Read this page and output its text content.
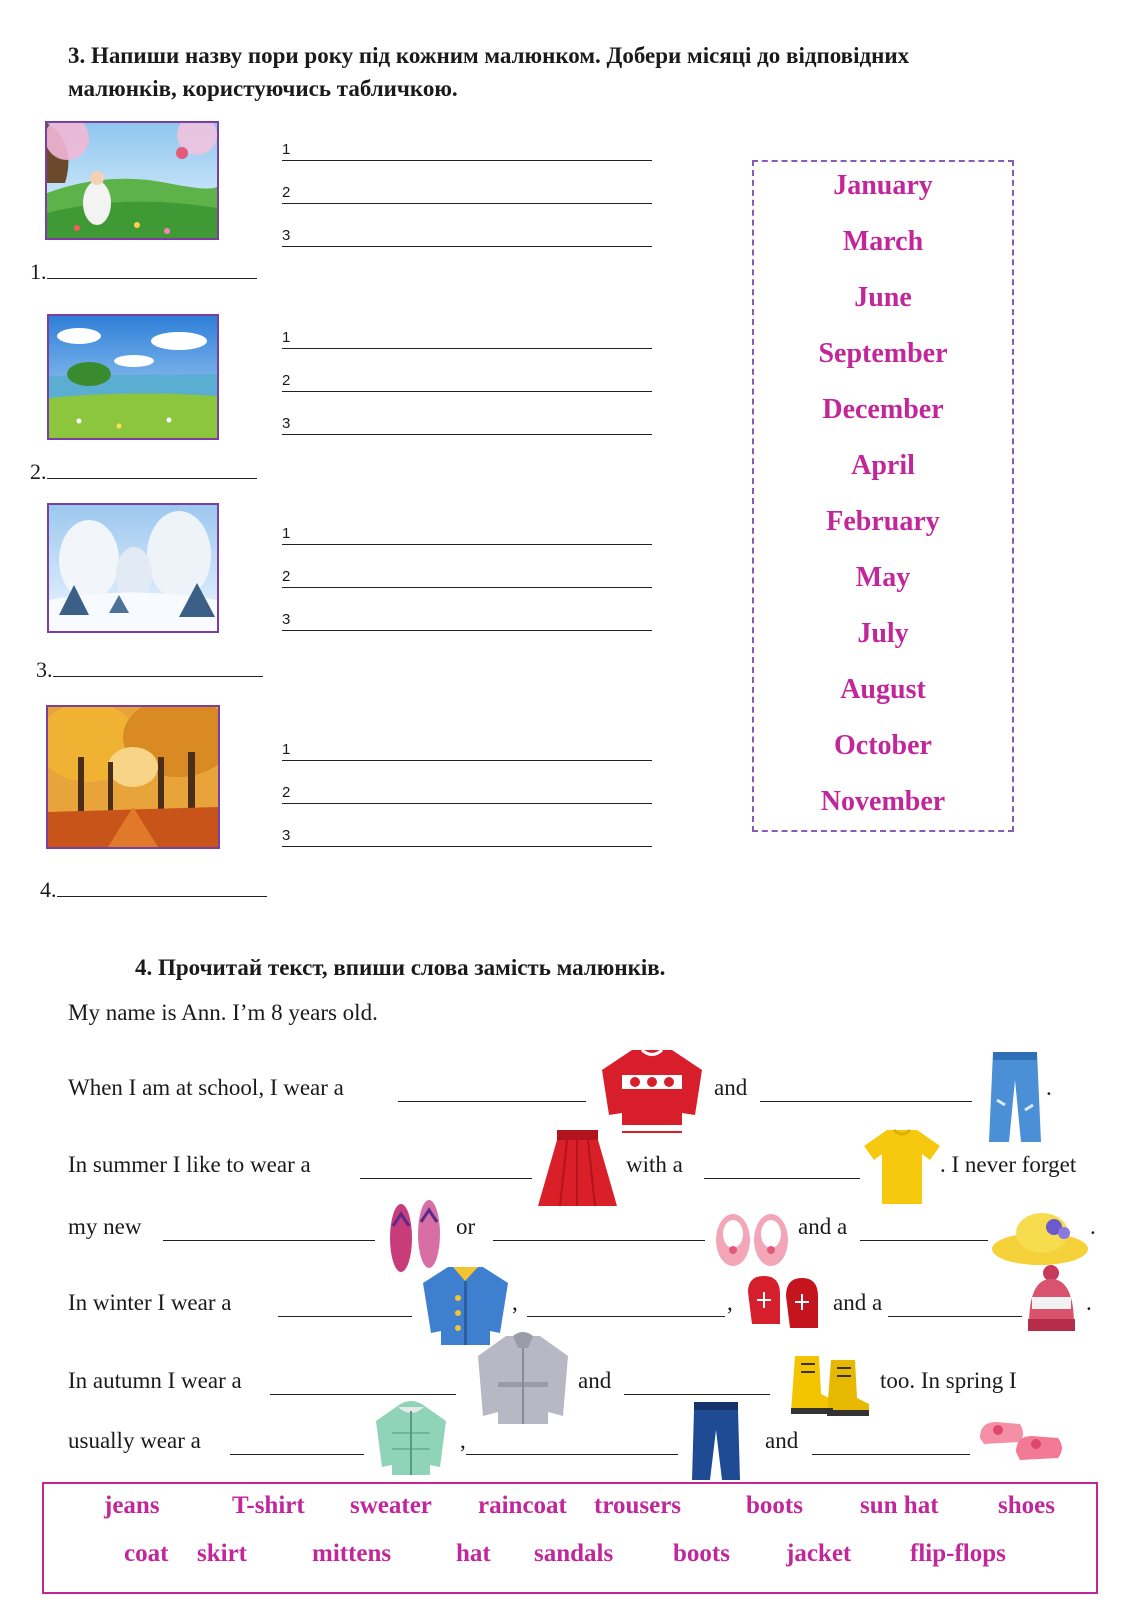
3. Напиши назву пори року під кожним малюнком. Добери місяці до відповідних
малюнків, користуючись табличкою.
1
2
3
1
2
3
1
2
3
1
2
3
1.
2.
3.
4.
January
March
June
September
December
April
February
May
July
August
October
November
4. Прочитай текст, впиши слова замість малюнків.
My name is Ann. I’m 8 years old.
When I am at school, I wear a	and	.
In summer I like to wear a	with a	. I never forget
my new	or	and a	.
In winter I wear a	,	,	and a	.
In autumn I wear a	and	too. In spring I
usually wear a	,	and
jeans	T-shirt sweater raincoat trousers	boots sun hat shoes
coat skirt	mittens	hat sandals boots jacket flip-flops
